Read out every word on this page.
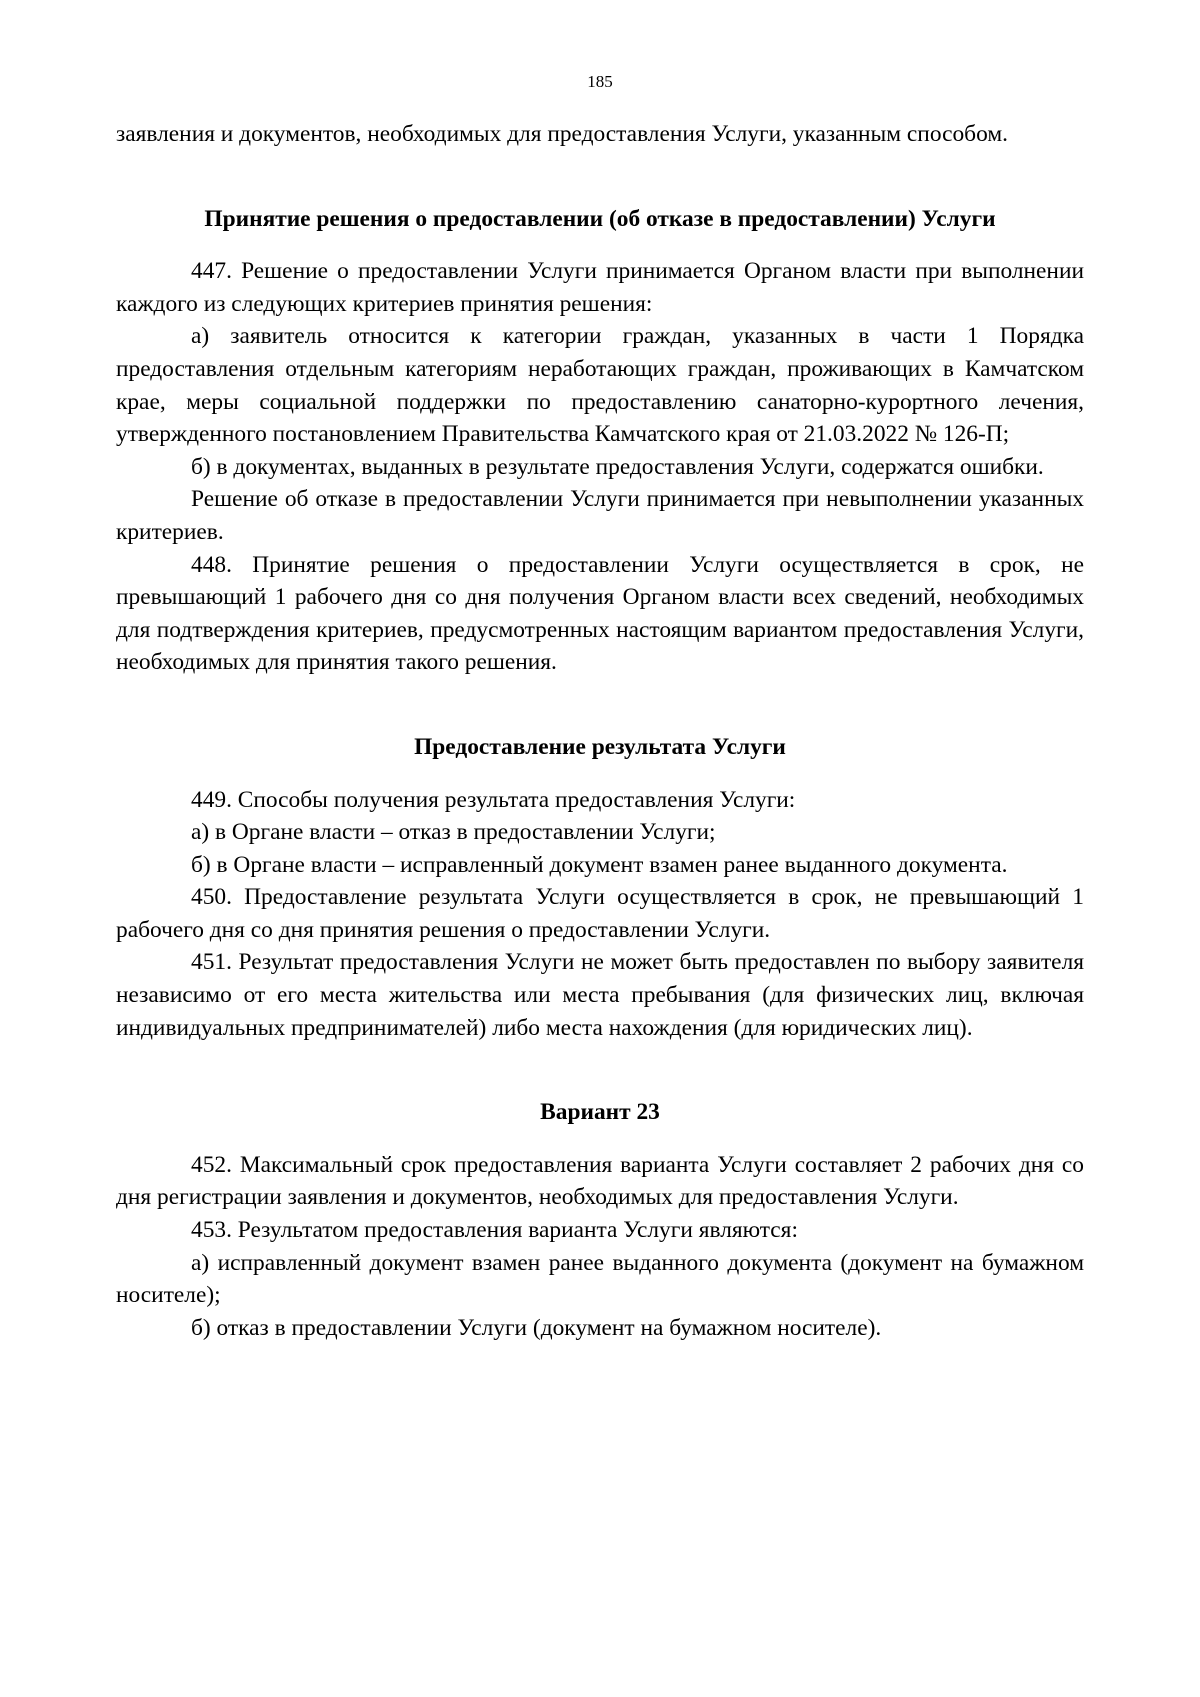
185

заявления и документов, необходимых для предоставления Услуги, указанным способом.

Принятие решения о предоставлении (об отказе в предоставлении) Услуги

447. Решение о предоставлении Услуги принимается Органом власти при выполнении каждого из следующих критериев принятия решения:

а) заявитель относится к категории граждан, указанных в части 1 Порядка предоставления отдельным категориям неработающих граждан, проживающих в Камчатском крае, меры социальной поддержки по предоставлению санаторно-курортного лечения, утвержденного постановлением Правительства Камчатского края от 21.03.2022 № 126-П;

б) в документах, выданных в результате предоставления Услуги, содержатся ошибки.

Решение об отказе в предоставлении Услуги принимается при невыполнении указанных критериев.

448. Принятие решения о предоставлении Услуги осуществляется в срок, не превышающий 1 рабочего дня со дня получения Органом власти всех сведений, необходимых для подтверждения критериев, предусмотренных настоящим вариантом предоставления Услуги, необходимых для принятия такого решения.

Предоставление результата Услуги

449. Способы получения результата предоставления Услуги:

а) в Органе власти – отказ в предоставлении Услуги;

б) в Органе власти – исправленный документ взамен ранее выданного документа.

450. Предоставление результата Услуги осуществляется в срок, не превышающий 1 рабочего дня со дня принятия решения о предоставлении Услуги.

451. Результат предоставления Услуги не может быть предоставлен по выбору заявителя независимо от его места жительства или места пребывания (для физических лиц, включая индивидуальных предпринимателей) либо места нахождения (для юридических лиц).

Вариант 23

452. Максимальный срок предоставления варианта Услуги составляет 2 рабочих дня со дня регистрации заявления и документов, необходимых для предоставления Услуги.

453. Результатом предоставления варианта Услуги являются:

а) исправленный документ взамен ранее выданного документа (документ на бумажном носителе);

б) отказ в предоставлении Услуги (документ на бумажном носителе).
